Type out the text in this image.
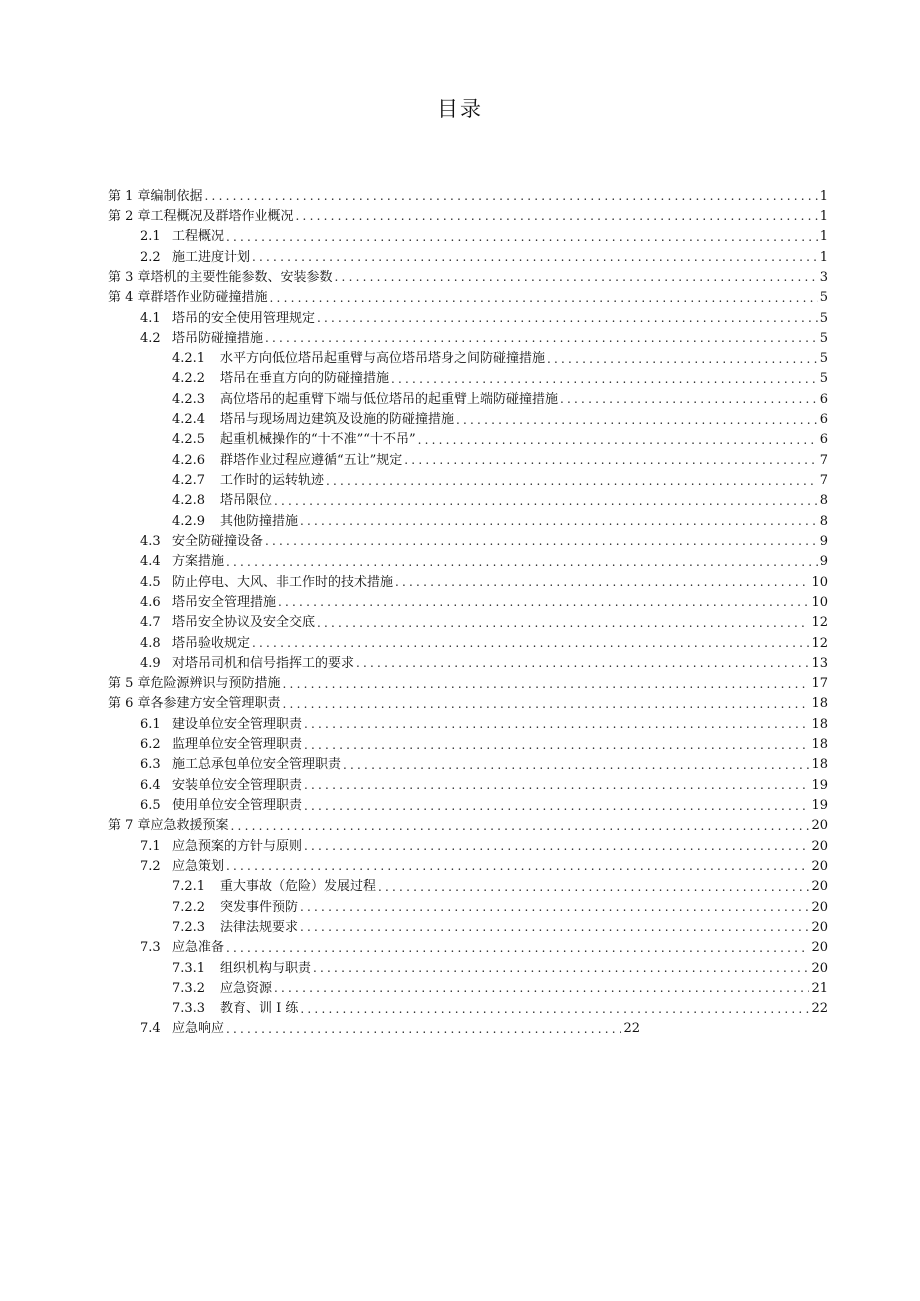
目录
第 1 章编制依据 .....	1
第 2 章工程概况及群塔作业概况 .....	1
2.1 工程概况 .....	1
2.2 施工进度计划 .....	1
第 3 章塔机的主要性能参数、安装参数 .....	3
第 4 章群塔作业防碰撞措施 .....	5
4.1 塔吊的安全使用管理规定 .....	5
4.2 塔吊防碰撞措施 .....	5
4.2.1	水平方向低位塔吊起重臂与高位塔吊塔身之间防碰撞措施 .....	5
4.2.2	塔吊在垂直方向的防碰撞措施 .....	5
4.2.3	高位塔吊的起重臂下端与低位塔吊的起重臂上端防碰撞措施 .....	6
4.2.4	塔吊与现场周边建筑及设施的防碰撞措施 .....	6
4.2.5	起重机械操作的“十不准”“十不吊” .....	6
4.2.6	群塔作业过程应遵循“五让”规定 .....	7
4.2.7	工作时的运转轨迹 .....	7
4.2.8	塔吊限位 .....	8
4.2.9	其他防撞措施 .....	8
4.3 安全防碰撞设备 .....	9
4.4 方案措施 .....	9
4.5 防止停电、大风、非工作时的技术措施 .....	10
4.6 塔吊安全管理措施 .....	10
4.7 塔吊安全协议及安全交底 .....	12
4.8 塔吊验收规定 .....	12
4.9 对塔吊司机和信号指挥工的要求 .....	13
第 5 章危险源辨识与预防措施 .....	17
第 6 章各参建方安全管理职责 .....	18
6.1 建设单位安全管理职责 .....	18
6.2 监理单位安全管理职责 .....	18
6.3 施工总承包单位安全管理职责 .....	18
6.4 安装单位安全管理职责 .....	19
6.5 使用单位安全管理职责 .....	19
第 7 章应急救援预案 .....	20
7.1 应急预案的方针与原则 .....	20
7.2 应急策划 .....	20
7.2.1	重大事故（危险）发展过程 .....	20
7.2.2	突发事件预防 .....	20
7.2.3	法律法规要求 .....	20
7.3 应急准备 .....	20
7.3.1	组织机构与职责 .....	20
7.3.2	应急资源 .....	21
7.3.3	教育、训 I 练 .....	22
7.4 应急响应 .....	22
